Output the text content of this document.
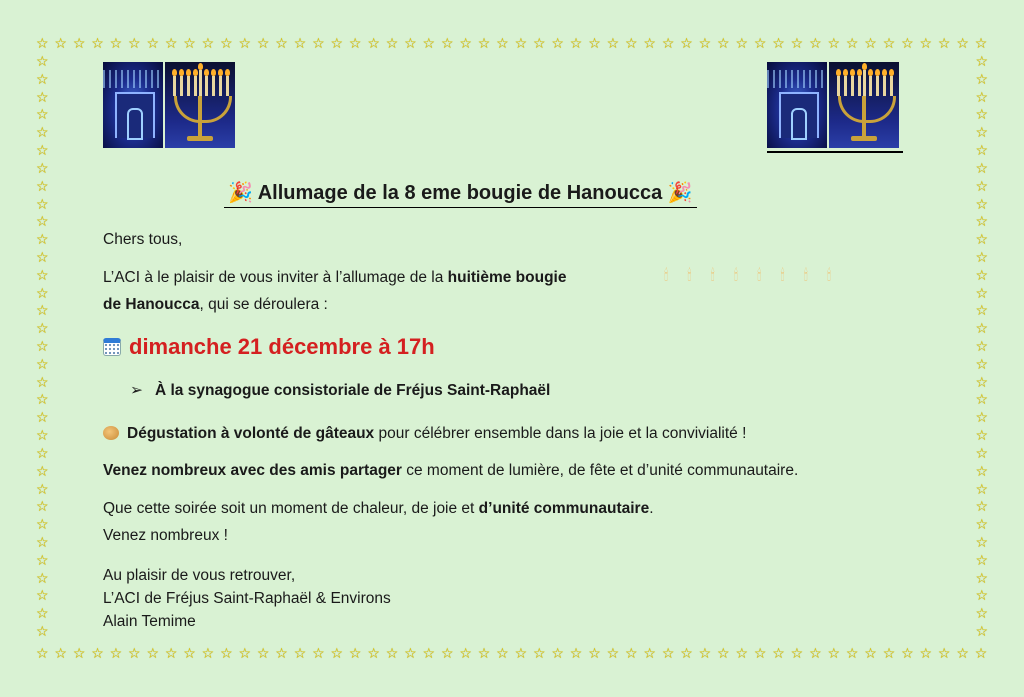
☆ ☆ ☆ ☆ ☆ ☆ ☆ ☆ ☆ ☆ ☆ ☆ ☆ ☆ ☆ ☆ ☆ ☆ ☆ ☆ ☆ ☆ ☆ ☆ ☆ ☆ ☆ ☆ ☆ ☆ ☆ ☆ ☆ ☆ ☆ ☆ ☆ ☆ ☆ ☆ ☆ ☆ ☆ ☆ ☆ ☆ ☆ ☆ ☆ ☆ ☆ ☆
☆ ☆ ☆ ☆ ☆ ☆ ☆ ☆ ☆ ☆ ☆ ☆ ☆ ☆ ☆ ☆ ☆ ☆ ☆ ☆ ☆ ☆ ☆ ☆ ☆ ☆ ☆ ☆ ☆ ☆ ☆ ☆ ☆ ☆ ☆ ☆ ☆ ☆ ☆ ☆ ☆ ☆ ☆ ☆ ☆ ☆ ☆ ☆ ☆ ☆ ☆ ☆
☆
☆
☆
☆
☆
☆
☆
☆
☆
☆
☆
☆
☆
☆
☆
☆
☆
☆
☆
☆
☆
☆
☆
☆
☆
☆
☆
☆
☆
☆
☆
☆
☆
☆
☆
☆
☆
☆
☆
☆
☆
☆
☆
☆
☆
☆
☆
☆
☆
☆
☆
☆
☆
☆
☆
☆
☆
☆
☆
☆
☆
☆
☆
☆
☆
☆
🎉 Allumage de la 8 eme bougie de Hanoucca 🎉
Chers tous,
L’ACI à le plaisir de vous inviter à l’allumage de la huitième bougie
de Hanoucca, qui se déroulera :
🕯 🕯 🕯 🕯 🕯 🕯 🕯 🕯
dimanche 21 décembre à 17h
➢ À la synagogue consistoriale de Fréjus Saint-Raphaël
Dégustation à volonté de gâteaux pour célébrer ensemble dans la joie et la convivialité !
Venez nombreux avec des amis partager ce moment de lumière, de fête et d’unité communautaire.
Que cette soirée soit un moment de chaleur, de joie et d’unité communautaire.
Venez nombreux !
Au plaisir de vous retrouver,
L’ACI de Fréjus Saint-Raphaël & Environs
Alain Temime
